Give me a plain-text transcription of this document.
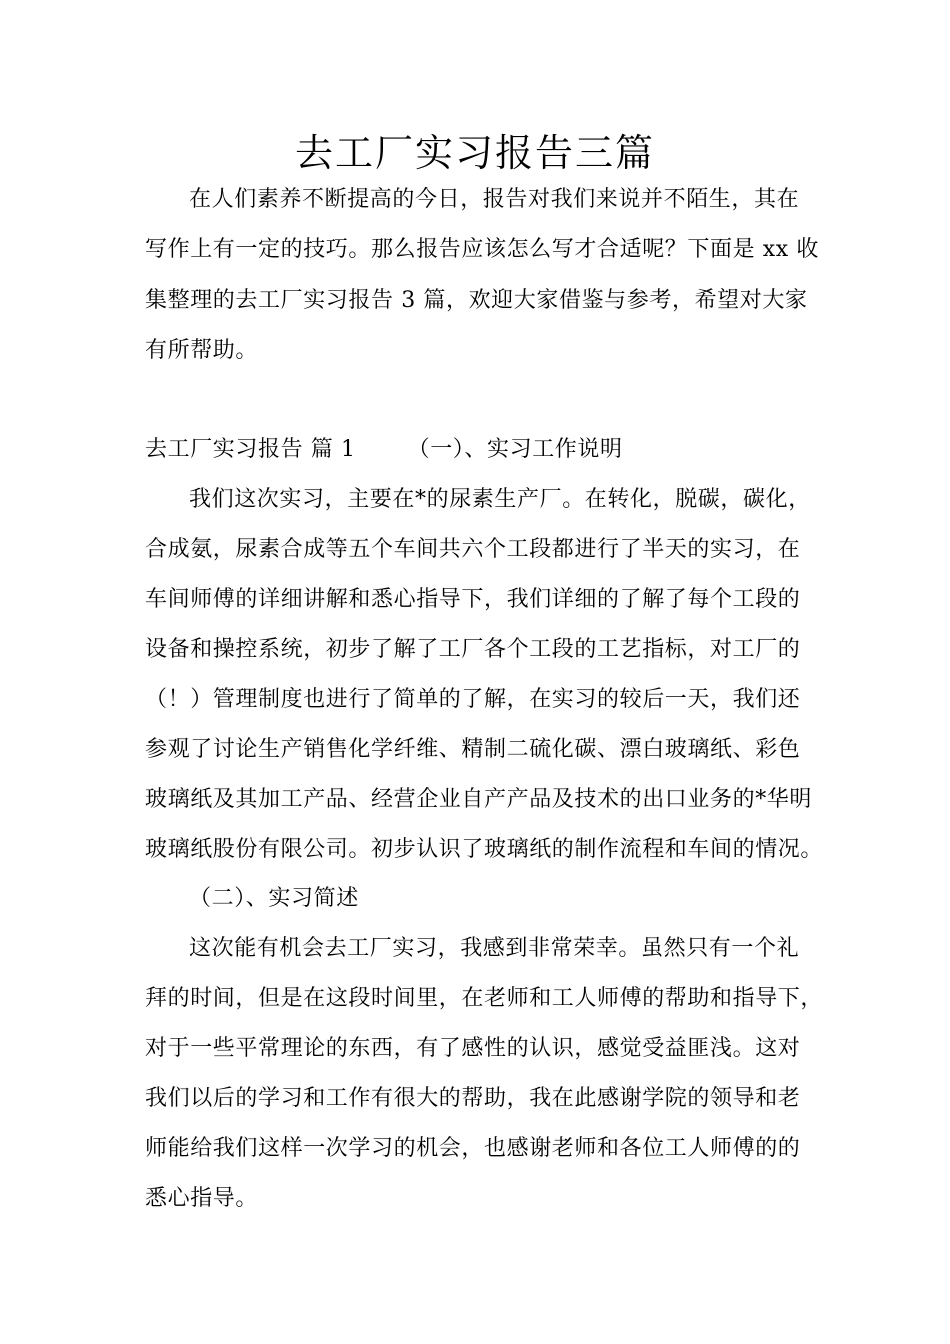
去工厂实习报告三篇
在人们素养不断提高的今日，报告对我们来说并不陌生，其在
写作上有一定的技巧。那么报告应该怎么写才合适呢？下面是 xx 收
集整理的去工厂实习报告 3 篇，欢迎大家借鉴与参考，希望对大家
有所帮助。
去工厂实习报告 篇 1 （一）、实习工作说明
我们这次实习，主要在*的尿素生产厂。在转化，脱碳，碳化，
合成氨，尿素合成等五个车间共六个工段都进行了半天的实习，在
车间师傅的详细讲解和悉心指导下，我们详细的了解了每个工段的
设备和操控系统，初步了解了工厂各个工段的工艺指标，对工厂的
（！）管理制度也进行了简单的了解，在实习的较后一天，我们还
参观了讨论生产销售化学纤维、精制二硫化碳、漂白玻璃纸、彩色
玻璃纸及其加工产品、经营企业自产产品及技术的出口业务的*华明
玻璃纸股份有限公司。初步认识了玻璃纸的制作流程和车间的情况。
（二）、实习简述
这次能有机会去工厂实习，我感到非常荣幸。虽然只有一个礼
拜的时间，但是在这段时间里，在老师和工人师傅的帮助和指导下，
对于一些平常理论的东西，有了感性的认识，感觉受益匪浅。这对
我们以后的学习和工作有很大的帮助，我在此感谢学院的领导和老
师能给我们这样一次学习的机会，也感谢老师和各位工人师傅的的
悉心指导。
